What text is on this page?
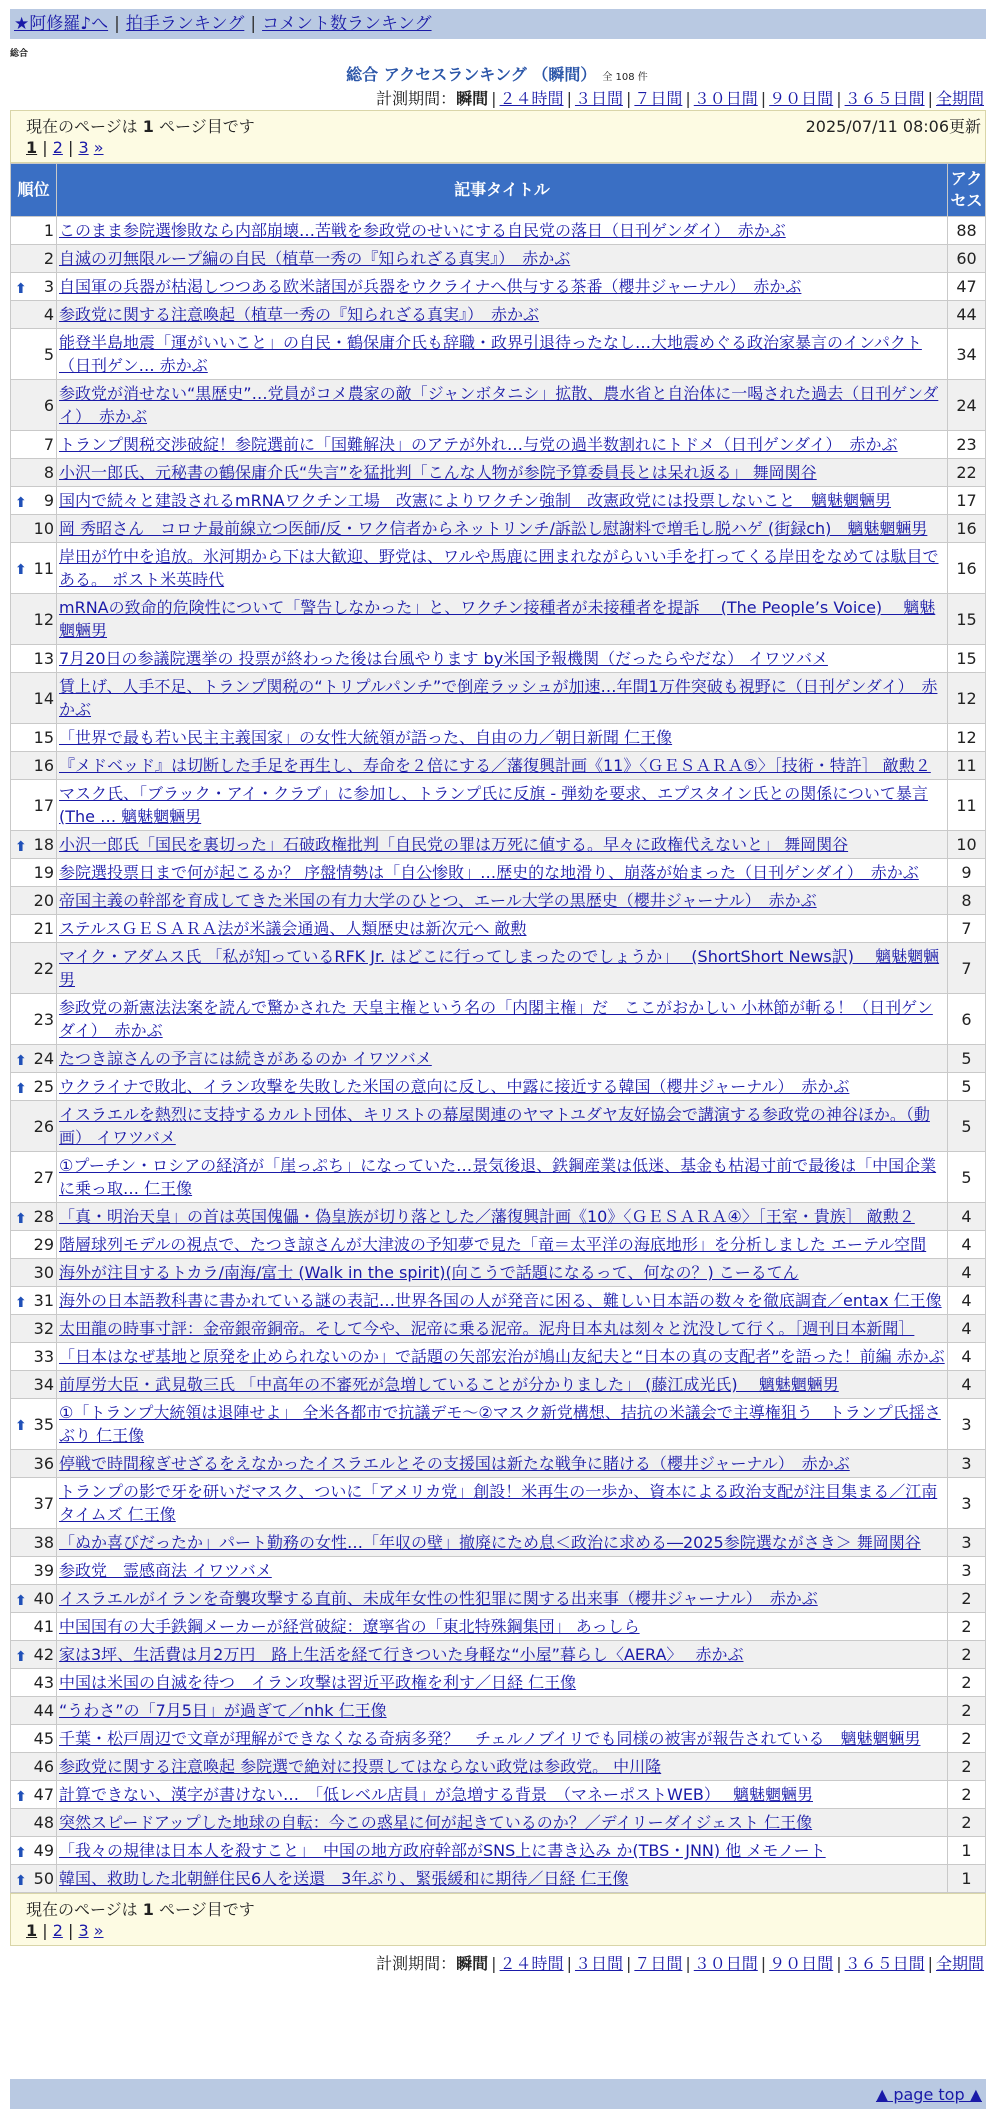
★阿修羅♪へ | 拍手ランキング | コメント数ランキング
総合
総合 アクセスランキング （瞬間） 全 108 件
計測期間：瞬間 | ２４時間 | ３日間 | ７日間 | ３０日間 | ９０日間 | ３６５日間 | 全期間
現在のページは 1 ページ目です	2025/07/11 08:06更新
1 | 2 | 3 »
順位	記事タイトル	アクセス
1	このまま参院選惨敗なら内部崩壊…苦戦を参政党のせいにする自民党の落日（日刊ゲンダイ）　赤かぶ	88
2	自滅の刃無限ループ編の自民（植草一秀の『知られざる真実』）　赤かぶ	60

⬆ 3	自国軍の兵器が枯渇しつつある欧米諸国が兵器をウクライナへ供与する茶番（櫻井ジャーナル）　赤かぶ	47
4	参政党に関する注意喚起（植草一秀の『知られざる真実』）　赤かぶ	44
5	能登半島地震「運がいいこと」の自民・鶴保庸介氏も辞職・政界引退待ったなし…大地震めぐる政治家暴言のインパクト（日刊ゲン… 赤かぶ	34
6	参政党が消せない“黒歴史”…党員がコメ農家の敵「ジャンボタニシ」拡散、農水省と自治体に一喝された過去（日刊ゲンダイ）　赤かぶ	24
7	トランプ関税交渉破綻！参院選前に「国難解決」のアテが外れ…与党の過半数割れにトドメ（日刊ゲンダイ）　赤かぶ	23
8	小沢一郎氏、元秘書の鶴保庸介氏“失言”を猛批判「こんな人物が参院予算委員長とは呆れ返る」 舞岡関谷	22

⬆ 9	国内で続々と建設されるmRNAワクチン工場　改憲によりワクチン強制　改憲政党には投票しないこと　魑魅魍魎男	17
10	岡 秀昭さん　コロナ最前線立つ医師/反・ワク信者からネットリンチ/訴訟し慰謝料で増毛し脱ハゲ (街録ch)　魑魅魍魎男	16

⬆ 11	岸田が竹中を追放。氷河期から下は大歓迎、野党は、ワルや馬鹿に囲まれながらいい手を打ってくる岸田をなめては駄目である。 ポスト米英時代	16
12	mRNAの致命的危険性について「警告しなかった」と、ワクチン接種者が未接種者を提訴　 (The People’s Voice)　 魑魅魍魎男	15
13	7月20日の参議院選挙の 投票が終わった後は台風やります by米国予報機関（だったらやだな） イワツバメ	15
14	賃上げ、人手不足、トランプ関税の“トリプルパンチ”で倒産ラッシュが加速…年間1万件突破も視野に（日刊ゲンダイ）　赤かぶ	12
15	「世界で最も若い民主主義国家」の女性大統領が語った、自由の力／朝日新聞 仁王像	12
16	『メドベッド』は切断した手足を再生し、寿命を２倍にする／藩復興計画《11》〈ＧＥＳＡＲＡ⑤〉［技術・特許］ 敵勲２	11
17	マスク氏、「ブラック・アイ・クラブ」に参加し、トランプ氏に反旗 - 弾劾を要求、エプスタイン氏との関係について暴言(The … 魑魅魍魎男	11

⬆ 18	小沢一郎氏「国民を裏切った」石破政権批判「自民党の罪は万死に値する。早々に政権代えないと」 舞岡関谷	10
19	参院選投票日まで何が起こるか？ 序盤情勢は「自公惨敗」…歴史的な地滑り、崩落が始まった（日刊ゲンダイ）　赤かぶ	9
20	帝国主義の幹部を育成してきた米国の有力大学のひとつ、エール大学の黒歴史（櫻井ジャーナル）　赤かぶ	8
21	ステルスＧＥＳＡＲＡ法が米議会通過、人類歴史は新次元へ 敵勲	7
22	マイク・アダムス氏 「私が知っているRFK Jr. はどこに行ってしまったのでしょうか」　 (ShortShort News訳)　 魑魅魍魎男	7
23	参政党の新憲法法案を読んで驚かされた 天皇主権という名の「内閣主権」だ　ここがおかしい 小林節が斬る！（日刊ゲンダイ）　赤かぶ	6

⬆ 24	たつき諒さんの予言には続きがあるのか イワツバメ	5

⬆ 25	ウクライナで敗北、イラン攻撃を失敗した米国の意向に反し、中露に接近する韓国（櫻井ジャーナル）　赤かぶ	5
26	イスラエルを熱烈に支持するカルト団体、キリストの幕屋関連のヤマトユダヤ友好協会で講演する参政党の神谷ほか。（動画） イワツバメ	5
27	①プーチン・ロシアの経済が「崖っぷち」になっていた…景気後退、鉄鋼産業は低迷、基金も枯渇寸前で最後は「中国企業に乗っ取… 仁王像	5

⬆ 28	「真・明治天皇」の首は英国傀儡・偽皇族が切り落とした／藩復興計画《10》〈ＧＥＳＡＲＡ④〉［王室・貴族］ 敵勲２	4
29	階層球列モデルの視点で、たつき諒さんが大津波の予知夢で見た「竜＝太平洋の海底地形」を分析しました エーテル空間	4
30	海外が注目するトカラ/南海/富士 (Walk in the spirit)(向こうで話題になるって、何なの？) こーるてん	4

⬆ 31	海外の日本語教科書に書かれている謎の表記…世界各国の人が発音に困る、難しい日本語の数々を徹底調査／entax 仁王像	4
32	太田龍の時事寸評：金帝銀帝銅帝。そして今や、泥帝に乗る泥帝。泥舟日本丸は刻々と沈没して行く。［週刊日本新聞］	4
33	「日本はなぜ基地と原発を止められないのか」で話題の矢部宏治が鳩山友紀夫と“日本の真の支配者”を語った！前編 赤かぶ	4
34	前厚労大臣・武見敬三氏 「中高年の不審死が急増していることが分かりました」 (藤江成光氏)　 魑魅魍魎男	4

⬆ 35	①「トランプ大統領は退陣せよ」 全米各都市で抗議デモ～②マスク新党構想、拮抗の米議会で主導権狙う　トランプ氏揺さぶり 仁王像	3
36	停戦で時間稼ぎせざるをえなかったイスラエルとその支援国は新たな戦争に賭ける（櫻井ジャーナル）　赤かぶ	3
37	トランプの影で牙を研いだマスク、ついに「アメリカ党」創設！米再生の一歩か、資本による政治支配が注目集まる／江南タイムズ 仁王像	3
38	「ぬか喜びだったか」パート勤務の女性…「年収の壁」撤廃にため息＜政治に求める―2025参院選ながさき＞ 舞岡関谷	3
39	参政党　霊感商法 イワツバメ	3

⬆ 40	イスラエルがイランを奇襲攻撃する直前、未成年女性の性犯罪に関する出来事（櫻井ジャーナル）　赤かぶ	2
41	中国国有の大手鉄鋼メーカーが経営破綻：遼寧省の「東北特殊鋼集団」 あっしら	2

⬆ 42	家は3坪、生活費は月2万円　路上生活を経て行きついた身軽な“小屋”暮らし〈AERA〉　 赤かぶ	2
43	中国は米国の自滅を待つ　イラン攻撃は習近平政権を利す／日経 仁王像	2
44	“うわさ”の「7月5日」が過ぎて／nhk 仁王像	2
45	千葉・松戸周辺で文章が理解ができなくなる奇病多発？　チェルノブイリでも同様の被害が報告されている　魑魅魍魎男	2
46	参政党に関する注意喚起 参院選で絶対に投票してはならない政党は参政党。 中川隆	2

⬆ 47	計算できない、漢字が書けない…　「低レベル店員」が急増する背景　（マネーポストWEB）　 魑魅魍魎男	2
48	突然スピードアップした地球の自転：今この惑星に何が起きているのか？／デイリーダイジェスト 仁王像	2

⬆ 49	「我々の規律は日本人を殺すこと」　中国の地方政府幹部がSNS上に書き込み か(TBS・JNN) 他 メモノート	1

⬆ 50	韓国、救助した北朝鮮住民6人を送還　3年ぶり、緊張緩和に期待／日経 仁王像	1
現在のページは 1 ページ目です
1 | 2 | 3 »
計測期間：瞬間 | ２４時間 | ３日間 | ７日間 | ３０日間 | ９０日間 | ３６５日間 | 全期間
▲ page top ▲
